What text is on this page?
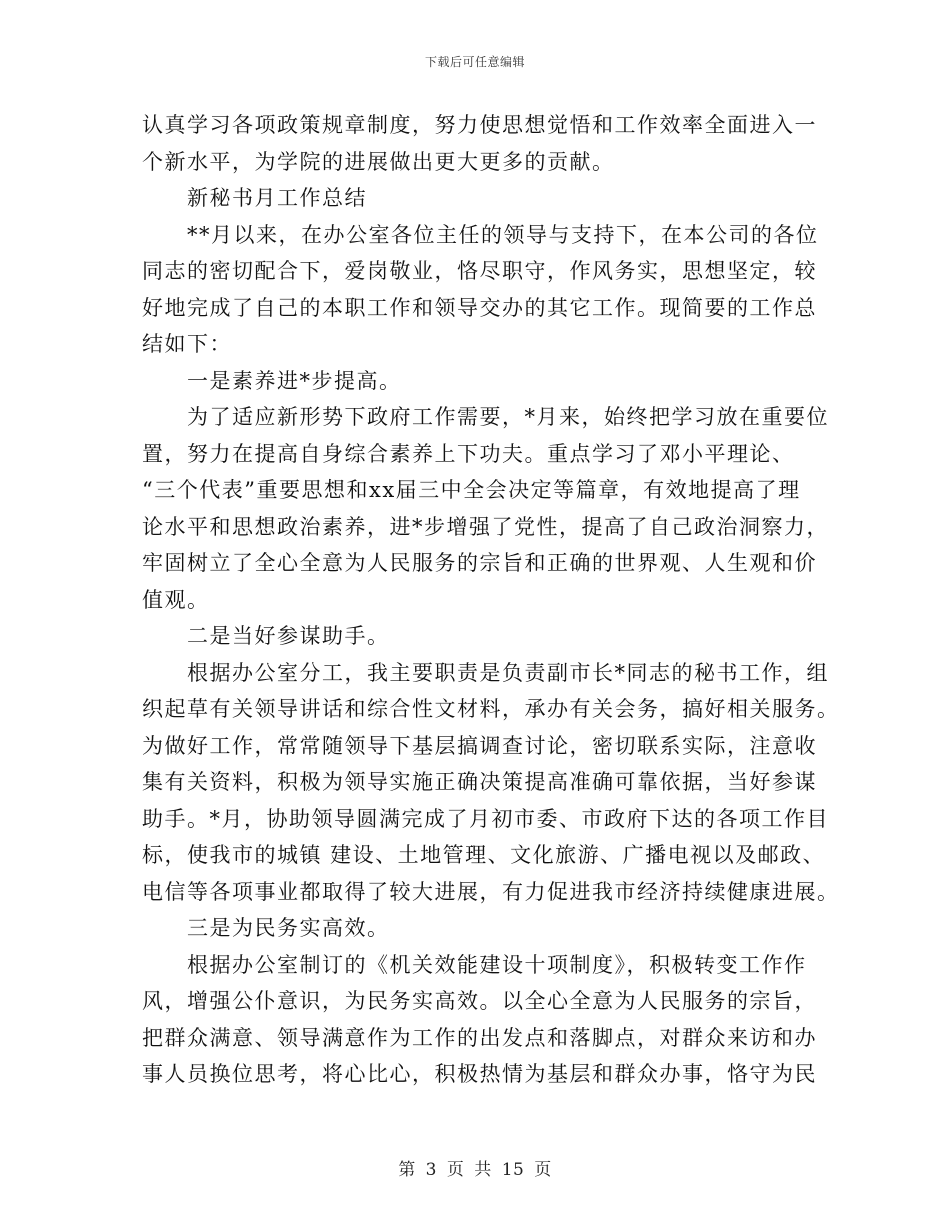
下载后可任意编辑

认真学习各项政策规章制度，努力使思想觉悟和工作效率全面进入一

个新水平，为学院的进展做出更大更多的贡献。

　　新秘书月工作总结

　　**月以来，在办公室各位主任的领导与支持下，在本公司的各位

同志的密切配合下，爱岗敬业，恪尽职守，作风务实，思想坚定，较

好地完成了自己的本职工作和领导交办的其它工作。现简要的工作总

结如下：

　　一是素养进*步提高。

　　为了适应新形势下政府工作需要，*月来，始终把学习放在重要位

置，努力在提高自身综合素养上下功夫。重点学习了邓小平理论、

“三个代表”重要思想和xx届三中全会决定等篇章，有效地提高了理

论水平和思想政治素养，进*步增强了党性，提高了自己政治洞察力，

牢固树立了全心全意为人民服务的宗旨和正确的世界观、人生观和价

值观。

　　二是当好参谋助手。

　　根据办公室分工，我主要职责是负责副市长*同志的秘书工作，组

织起草有关领导讲话和综合性文材料，承办有关会务，搞好相关服务。

为做好工作，常常随领导下基层搞调查讨论，密切联系实际，注意收

集有关资料，积极为领导实施正确决策提高准确可靠依据，当好参谋

助手。*月，协助领导圆满完成了月初市委、市政府下达的各项工作目

标，使我市的城镇 建设、土地管理、文化旅游、广播电视以及邮政、

电信等各项事业都取得了较大进展，有力促进我市经济持续健康进展。

　　三是为民务实高效。

　　根据办公室制订的《机关效能建设十项制度》，积极转变工作作

风，增强公仆意识，为民务实高效。以全心全意为人民服务的宗旨，

把群众满意、领导满意作为工作的出发点和落脚点，对群众来访和办

事人员换位思考，将心比心，积极热情为基层和群众办事，恪守为民

第 3 页 共 15 页
